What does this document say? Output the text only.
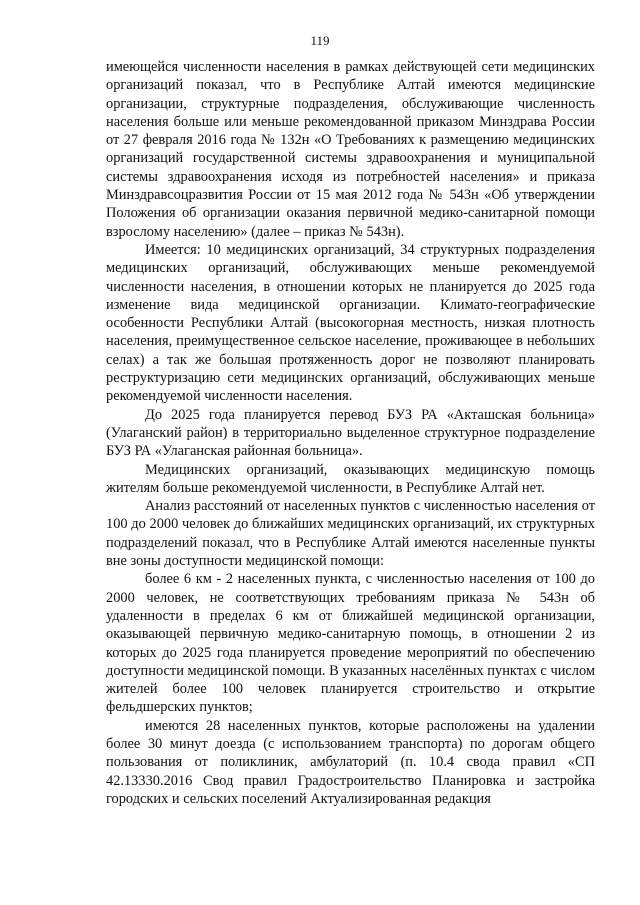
119

имеющейся численности населения в рамках действующей сети медицинских организаций показал, что в Республике Алтай имеются медицинские организации, структурные подразделения, обслуживающие численность населения больше или меньше рекомендованной приказом Минздрава России от 27 февраля 2016 года № 132н «О Требованиях к размещению медицинских организаций государственной системы здравоохранения и муниципальной системы здравоохранения исходя из потребностей населения» и приказа Минздравсоцразвития России от 15 мая 2012 года № 543н «Об утверждении Положения об организации оказания первичной медико-санитарной помощи взрослому населению» (далее – приказ № 543н).

Имеется: 10 медицинских организаций, 34 структурных подразделения медицинских организаций, обслуживающих меньше рекомендуемой численности населения, в отношении которых не планируется до 2025 года изменение вида медицинской организации. Климато-географические особенности Республики Алтай (высокогорная местность, низкая плотность населения, преимущественное сельское население, проживающее в небольших селах) а так же большая протяженность дорог не позволяют планировать реструктуризацию сети медицинских организаций, обслуживающих меньше рекомендуемой численности населения.

До 2025 года планируется перевод БУЗ РА «Акташская больница» (Улаганский район) в территориально выделенное структурное подразделение БУЗ РА «Улаганская районная больница».

Медицинских организаций, оказывающих медицинскую помощь жителям больше рекомендуемой численности, в Республике Алтай нет.

Анализ расстояний от населенных пунктов с численностью населения от 100 до 2000 человек до ближайших медицинских организаций, их структурных подразделений показал, что в Республике Алтай имеются населенные пункты вне зоны доступности медицинской помощи:

более 6 км - 2 населенных пункта, с численностью населения от 100 до 2000 человек, не соответствующих требованиям приказа № 543н об удаленности в пределах 6 км от ближайшей медицинской организации, оказывающей первичную медико-санитарную помощь, в отношении 2 из которых до 2025 года планируется проведение мероприятий по обеспечению доступности медицинской помощи. В указанных населённых пунктах с числом жителей более 100 человек планируется строительство и открытие фельдшерских пунктов;

имеются 28 населенных пунктов, которые расположены на удалении более 30 минут доезда (с использованием транспорта) по дорогам общего пользования от поликлиник, амбулаторий (п. 10.4 свода правил «СП 42.13330.2016 Свод правил Градостроительство Планировка и застройка городских и сельских поселений Актуализированная редакция
